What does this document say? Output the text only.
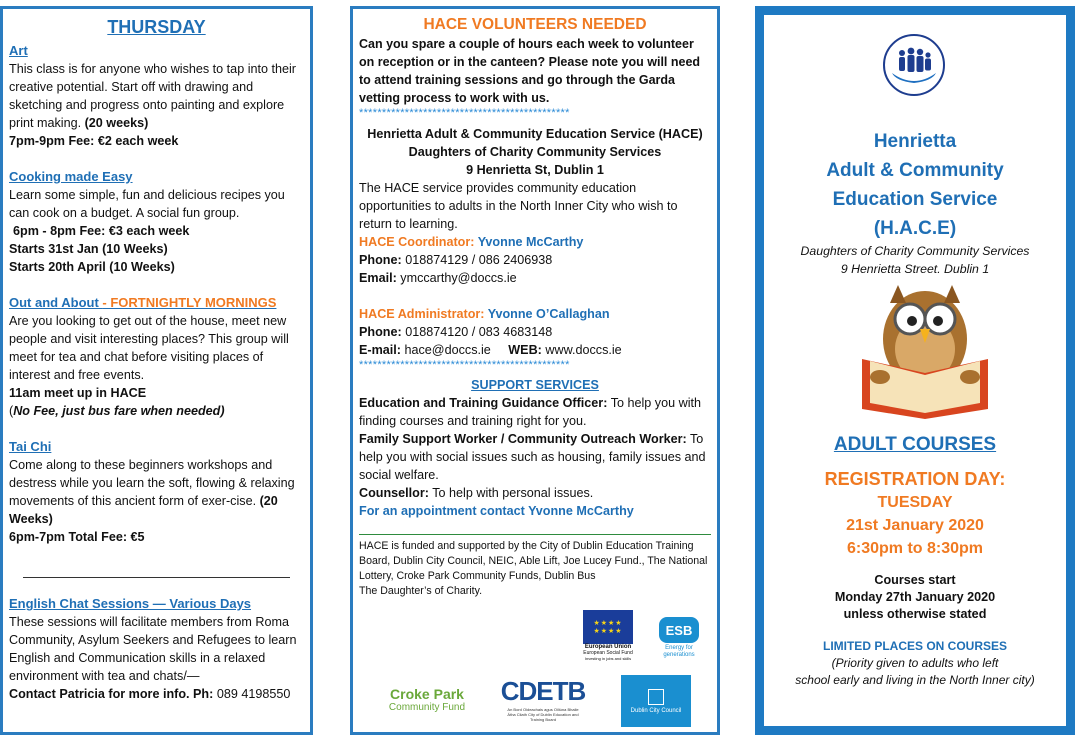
THURSDAY

Art

This class is for anyone who wishes to tap into their creative potential. Start off with drawing and sketching and progress onto painting and explore print making. (20 weeks)

7pm-9pm Fee: €2 each week

Cooking made Easy

Learn some simple, fun and delicious recipes you can cook on a budget. A social fun group.

6pm - 8pm Fee: €3 each week

Starts 31st Jan (10 Weeks)

Starts 20th April (10 Weeks)

Out and About - FORTNIGHTLY MORNINGS

Are you looking to get out of the house, meet new people and visit interesting places? This group will meet for tea and chat before visiting places of interest and free events.

11am meet up in HACE

(No Fee, just bus fare when needed)

Tai Chi

Come along to these beginners workshops and destress while you learn the soft, flowing & relaxing movements of this ancient form of exer-cise. (20 Weeks)

6pm-7pm Total Fee: €5

English Chat Sessions — Various Days

These sessions will facilitate members from Roma Community, Asylum Seekers and Refugees to learn English and Communication skills in a relaxed environment with tea and chats/—

Contact Patricia for more info. Ph: 089 4198550

HACE VOLUNTEERS NEEDED

Can you spare a couple of hours each week to volunteer on reception or in the canteen? Please note you will need to attend training sessions and go through the Garda vetting process to work with us.

**********************************************

Henrietta Adult & Community Education Service (HACE)

Daughters of Charity Community Services

9 Henrietta St, Dublin 1

The HACE service provides community education opportunities to adults in the North Inner City who wish to return to learning.

HACE Coordinator: Yvonne McCarthy

Phone: 018874129 / 086 2406938

Email: ymccarthy@doccs.ie

HACE Administrator: Yvonne O’Callaghan

Phone: 018874120 / 083 4683148

E-mail: hace@doccs.ie WEB: www.doccs.ie

**********************************************

SUPPORT SERVICES

Education and Training Guidance Officer: To help you with finding courses and training right for you.

Family Support Worker / Community Outreach Worker: To help you with social issues such as housing, family issues and social welfare.

Counsellor: To help with personal issues.

For an appointment contact Yvonne McCarthy

HACE is funded and supported by the City of Dublin Education Training Board, Dublin City Council, NEIC, Able Lift, Joe Lucey Fund., The National Lottery, Croke Park Community Funds, Dublin Bus

The Daughter’s of Charity.

★★★★
★★★★
European Union
European Social Fund
Investing in jobs and skills
ESB
Energy for generations
Croke Park
Community Fund
CDETB
An Bord Oideachais agus Oiliúna Bhaile Átha Cliath City of Dublin Education and Training Board
Dublin City Council
Henrietta
Adult & Community
Education Service
(H.A.C.E)
Daughters of Charity Community Services
9 Henrietta Street. Dublin 1
ADULT COURSES
REGISTRATION DAY:
TUESDAY
21st January 2020
6:30pm to 8:30pm
Courses start
Monday 27th January 2020
unless otherwise stated
LIMITED PLACES ON COURSES
(Priority given to adults who left
school early and living in the North Inner city)
